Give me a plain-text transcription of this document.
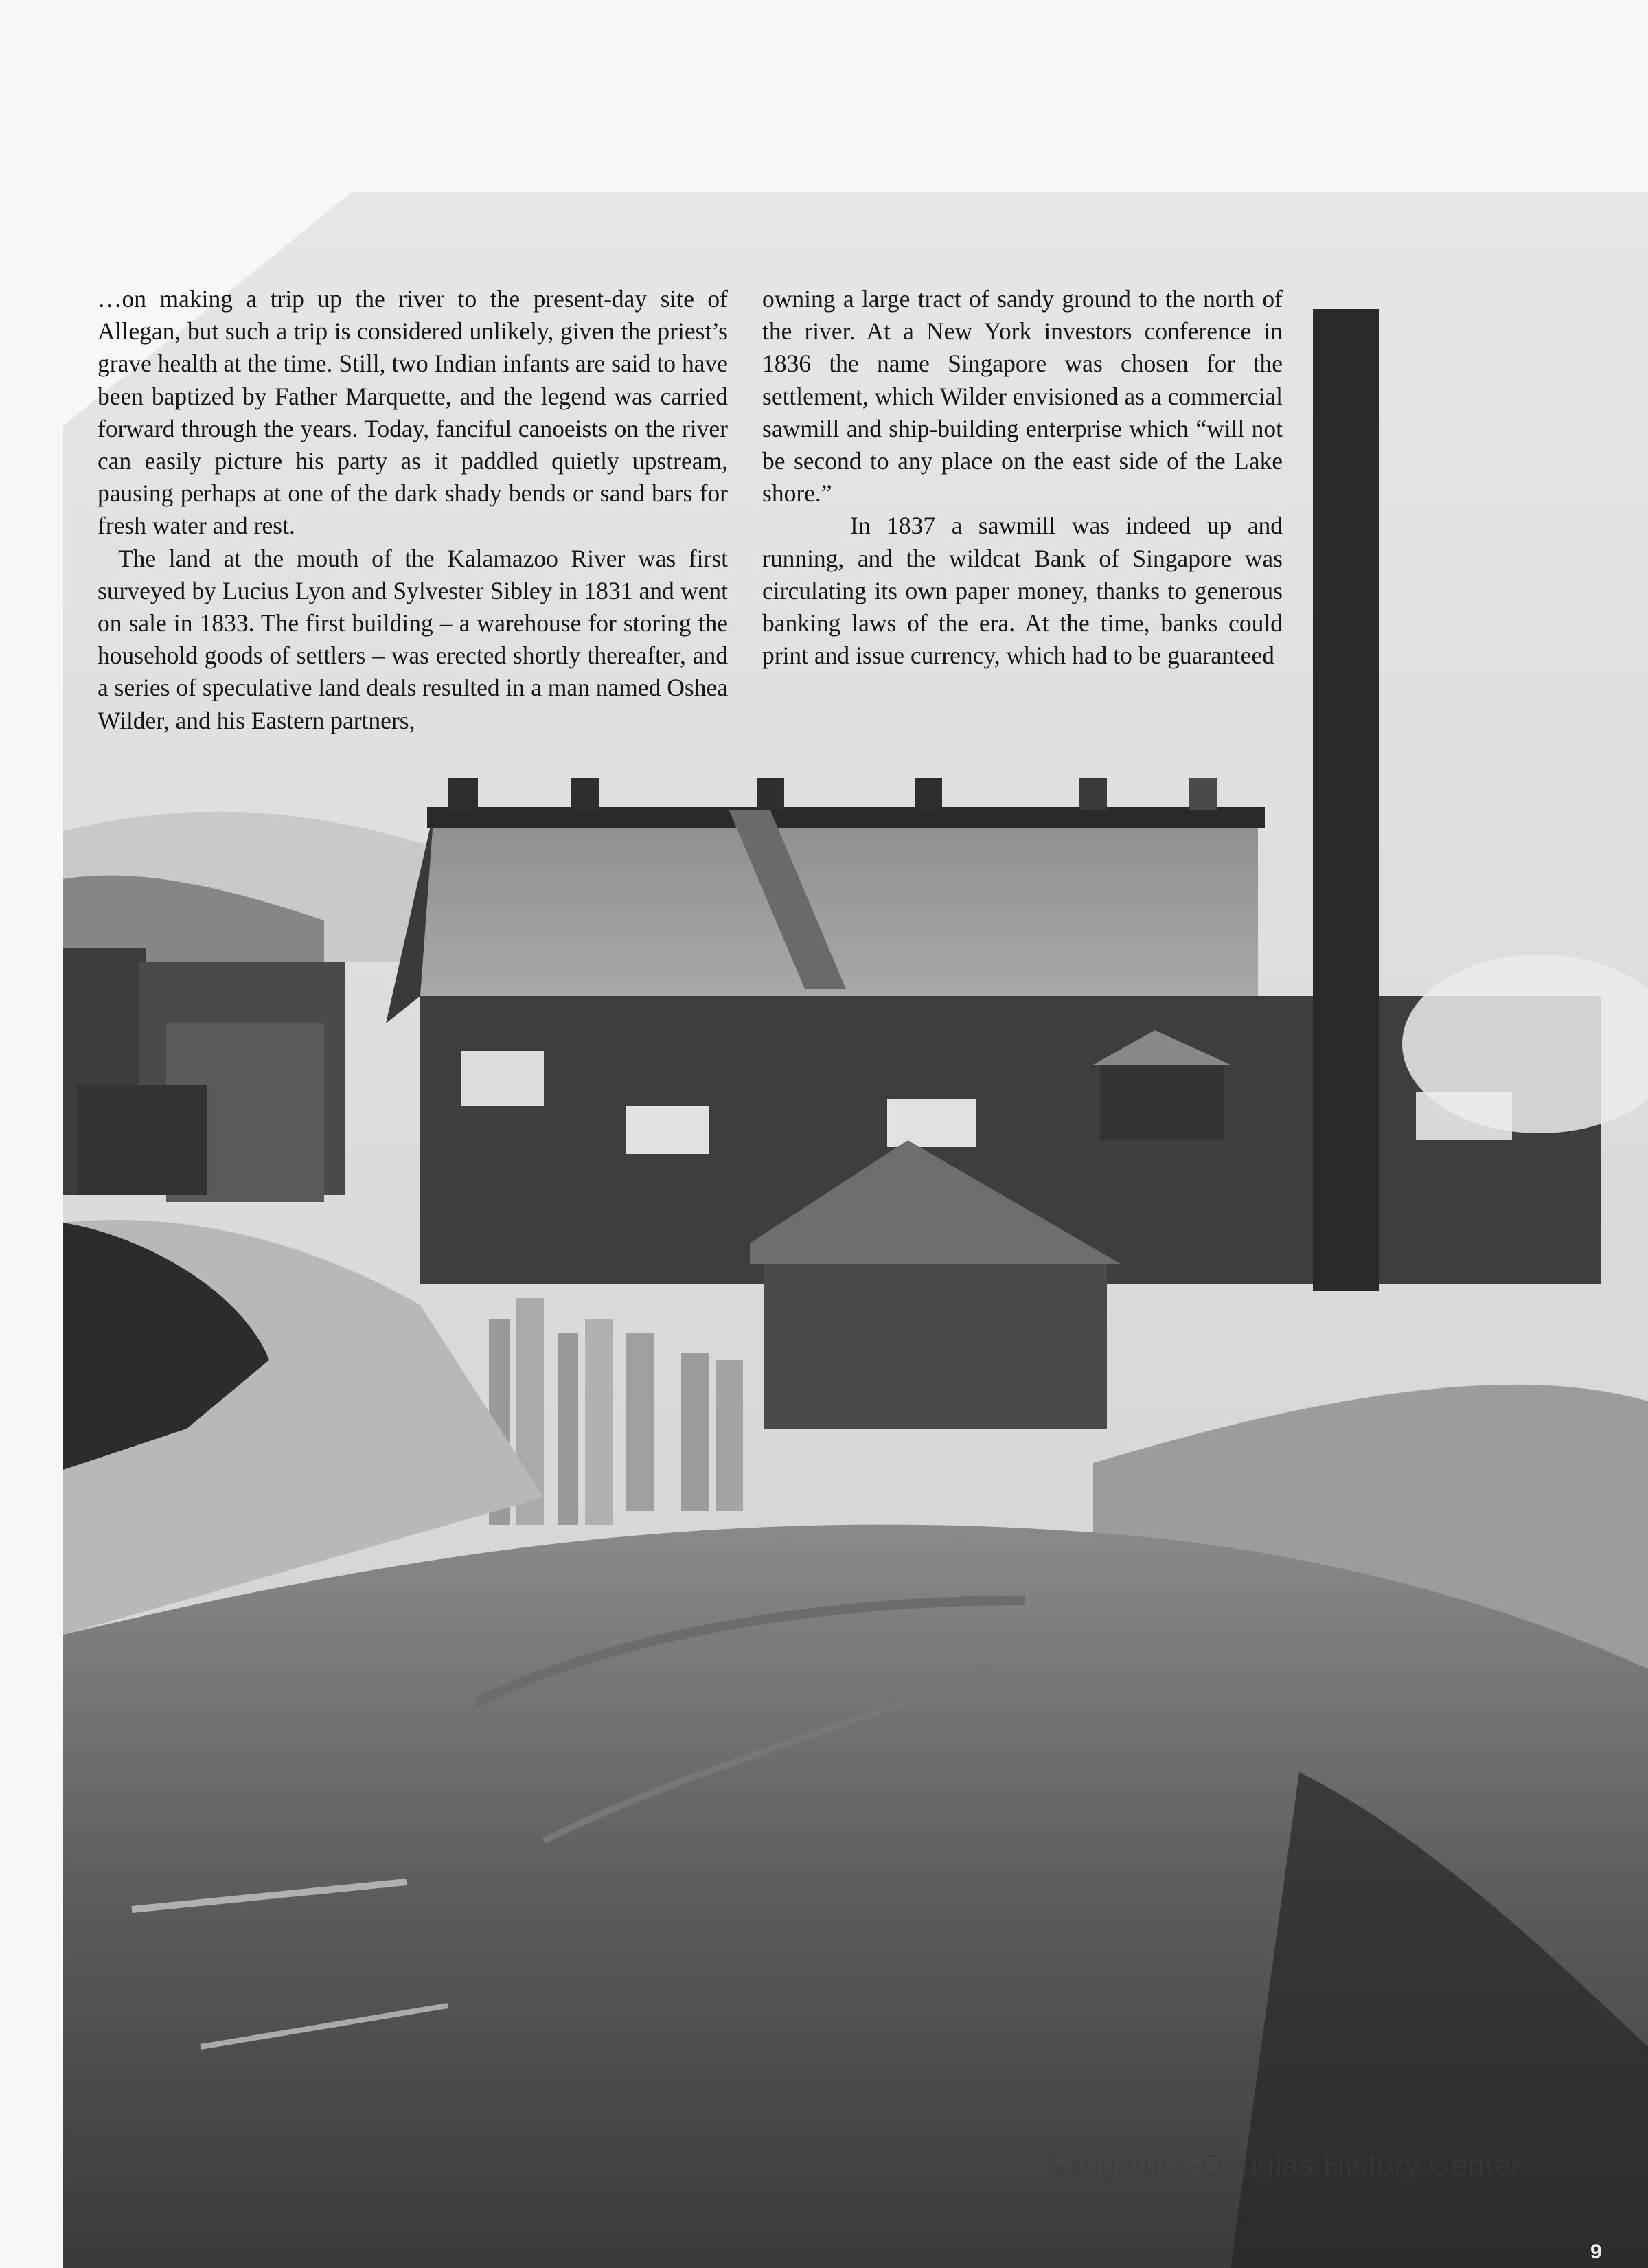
…on making a trip up the river to the present-day site of Allegan, but such a trip is considered unlikely, given the priest’s grave health at the time. Still, two Indian infants are said to have been baptized by Father Marquette, and the legend was carried forward through the years. Today, fanciful canoeists on the river can easily picture his party as it paddled quietly upstream, pausing perhaps at one of the dark shady bends or sand bars for fresh water and rest.

The land at the mouth of the Kalamazoo River was first surveyed by Lucius Lyon and Sylvester Sibley in 1831 and went on sale in 1833. The first building – a warehouse for storing the household goods of settlers – was erected shortly thereafter, and a series of speculative land deals resulted in a man named Oshea Wilder, and his Eastern partners,

owning a large tract of sandy ground to the north of the river. At a New York investors conference in 1836 the name Singapore was chosen for the settlement, which Wilder envisioned as a commercial sawmill and ship-building enterprise which “will not be second to any place on the east side of the Lake shore.”

In 1837 a sawmill was indeed up and running, and the wildcat Bank of Singapore was circulating its own paper money, thanks to generous banking laws of the era. At the time, banks could print and issue currency, which had to be guaranteed

Saugatuck-Douglas History Center
9
